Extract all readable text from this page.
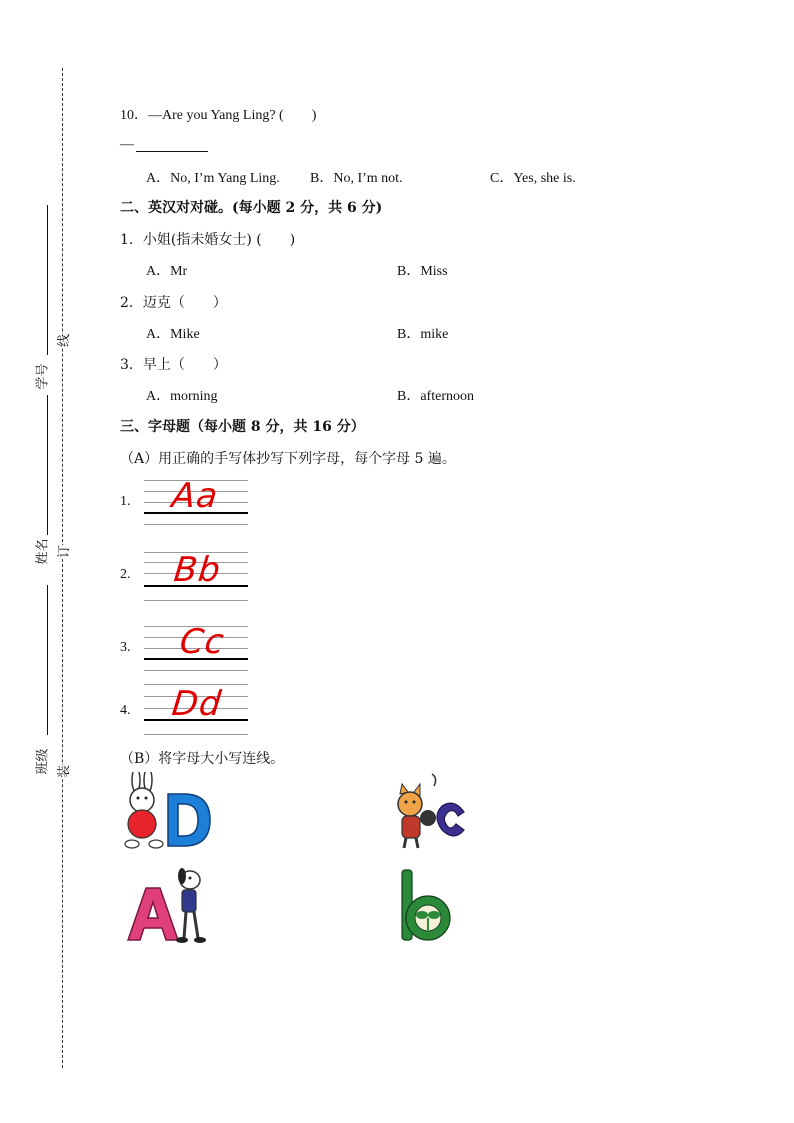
学号
姓名
班级
线
订
装
10．—Are you Yang Ling? (　　)
—
A．No, I’m Yang Ling. B．No, I’m not.	C．Yes, she is.
二、英汉对对碰。(每小题 2 分，共 6 分)
1．小姐(指未婚女士) (　　)
A．Mr	B．Miss
2．迈克（　　）
A．Mike	B．mike
3．早上（　　）
A．morning	B．afternoon
三、字母题（每小题 8 分，共 16 分）
（A）用正确的手写体抄写下列字母，每个字母 5 遍。
1. Aa
2. Bb
3. Cc
4. Dd
（B）将字母大小写连线。
